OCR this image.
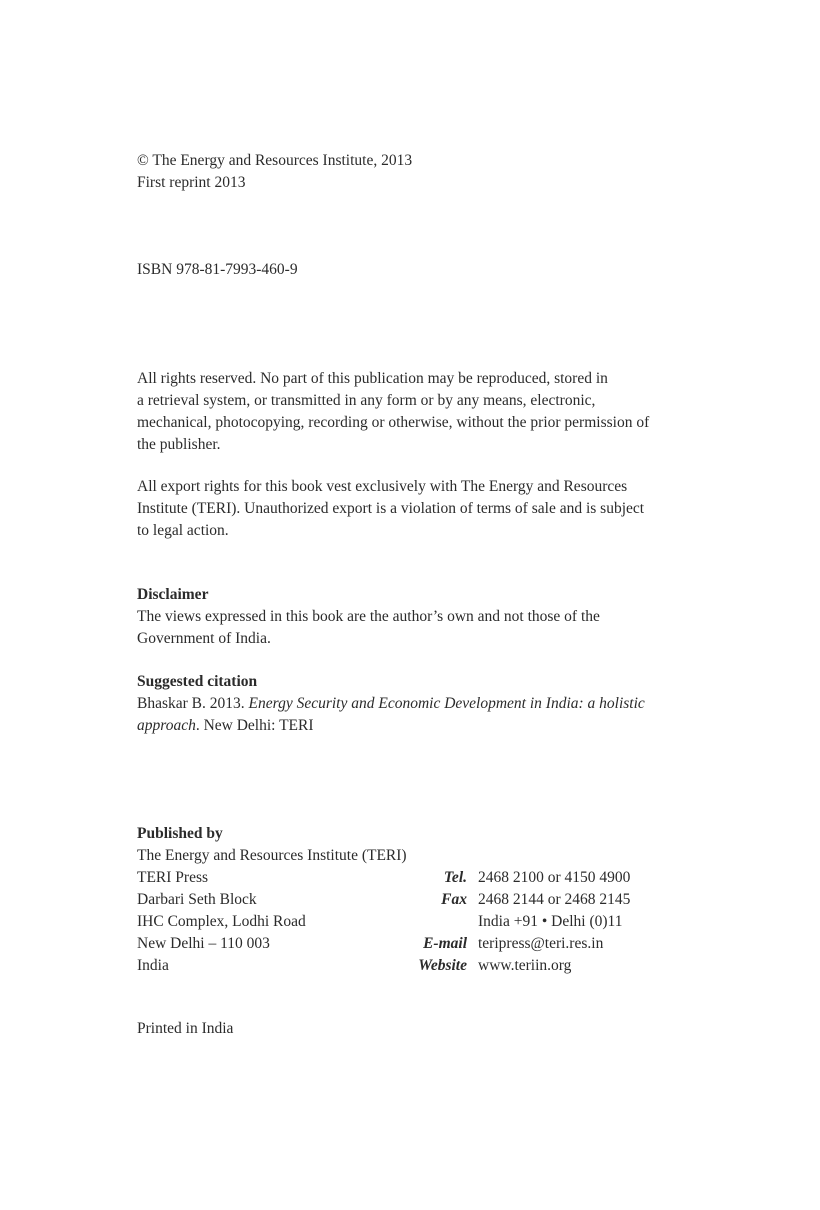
© The Energy and Resources Institute, 2013
First reprint 2013
ISBN 978-81-7993-460-9
All rights reserved. No part of this publication may be reproduced, stored in
a retrieval system, or transmitted in any form or by any means, electronic,
mechanical, photocopying, recording or otherwise, without the prior permission of
the publisher.
All export rights for this book vest exclusively with The Energy and Resources
Institute (TERI). Unauthorized export is a violation of terms of sale and is subject
to legal action.
Disclaimer
The views expressed in this book are the author’s own and not those of the
Government of India.
Suggested citation
Bhaskar B. 2013. Energy Security and Economic Development in India: a holistic
approach. New Delhi: TERI
Published by
The Energy and Resources Institute (TERI)
TERI Press	Tel. 2468 2100 or 4150 4900
Darbari Seth Block	Fax 2468 2144 or 2468 2145
IHC Complex, Lodhi Road	India +91 • Delhi (0)11
New Delhi – 110 003	E-mail teripress@teri.res.in
India	Website www.teriin.org
Printed in India
